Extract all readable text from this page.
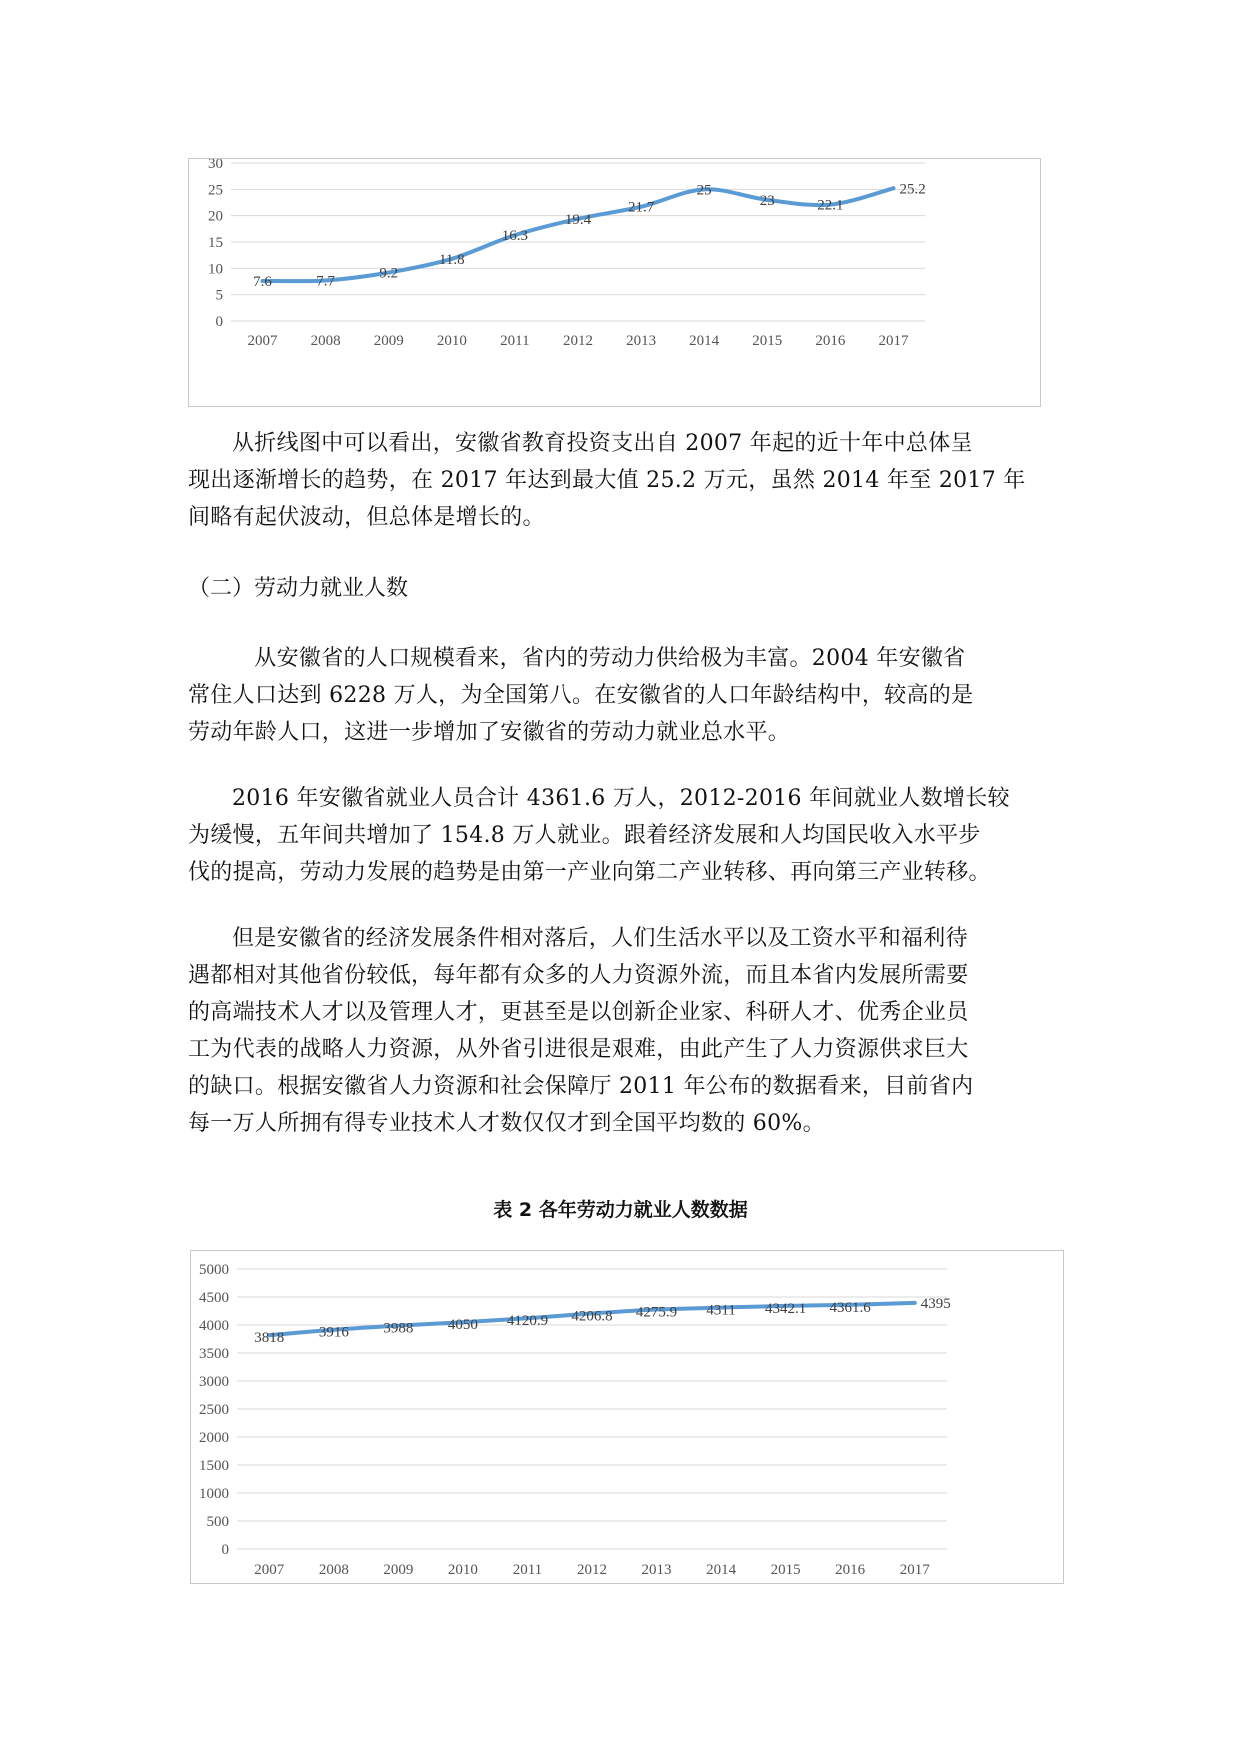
0
5
10
15
20
25
30
2007 2008 2009 2010 2011 2012 2013 2014 2015 2016 2017
7.6	7.7	9.2
11.8
16.3
19.4
21.7
25
23	22.1
25.2

从折线图中可以看出，安徽省教育投资支出自 2007 年起的近十年中总体呈
现出逐渐增长的趋势，在 2017 年达到最大值 25.2 万元，虽然 2014 年至 2017 年
间略有起伏波动，但总体是增长的。

（二）劳动力就业人数

　从安徽省的人口规模看来，省内的劳动力供给极为丰富。2004 年安徽省
常住人口达到 6228 万人，为全国第八。在安徽省的人口年龄结构中，较高的是
劳动年龄人口，这进一步增加了安徽省的劳动力就业总水平。

2016 年安徽省就业人员合计 4361.6 万人，2012-2016 年间就业人数增长较
为缓慢，五年间共增加了 154.8 万人就业。跟着经济发展和人均国民收入水平步
伐的提高，劳动力发展的趋势是由第一产业向第二产业转移、再向第三产业转移。

但是安徽省的经济发展条件相对落后，人们生活水平以及工资水平和福利待
遇都相对其他省份较低，每年都有众多的人力资源外流，而且本省内发展所需要
的高端技术人才以及管理人才，更甚至是以创新企业家、科研人才、优秀企业员
工为代表的战略人力资源，从外省引进很是艰难，由此产生了人力资源供求巨大
的缺口。根据安徽省人力资源和社会保障厅 2011 年公布的数据看来，目前省内
每一万人所拥有得专业技术人才数仅仅才到全国平均数的 60%。

表 2 各年劳动力就业人数数据

0
500
1000
1500
2000
2500
3000
3500
4000
4500
5000
2007 2008 2009 2010 2011 2012 2013 2014 2015 2016 2017
3818 3916 3988 4050 4120.9 4206.8 4275.9 4311 4342.1 4361.6	4395
